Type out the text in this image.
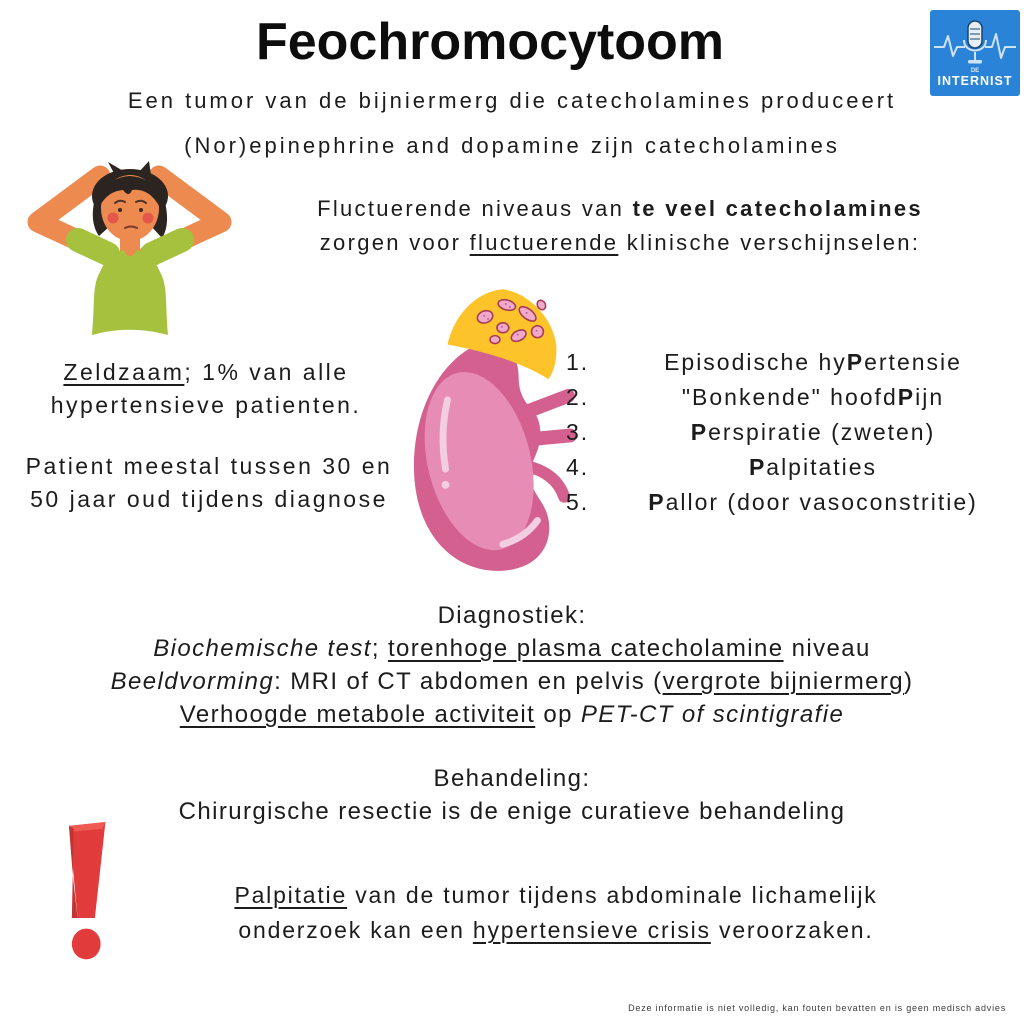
Feochromocytoom	DE
INTERNIST
Een tumor van de bijniermerg die catecholamines produceert
(Nor)epinephrine and dopamine zijn catecholamines
Fluctuerende niveaus van te veel catecholamines
zorgen voor fluctuerende klinische verschijnselen:
Zeldzaam; 1% van alle
hypertensieve patienten.
Patient meestal tussen 30 en
50 jaar oud tijdens diagnose
1.	Episodische hyPertensie
2.	"Bonkende" hoofdPijn
3.	Perspiratie (zweten)
4.	Palpitaties
5.	Pallor (door vasoconstritie)
Diagnostiek:
Biochemische test; torenhoge plasma catecholamine niveau
Beeldvorming: MRI of CT abdomen en pelvis (vergrote bijniermerg)
Verhoogde metabole activiteit op PET-CT of scintigrafie
Behandeling:
Chirurgische resectie is de enige curatieve behandeling
Palpitatie van de tumor tijdens abdominale lichamelijk
onderzoek kan een hypertensieve crisis veroorzaken.
Deze informatie is niet volledig, kan fouten bevatten en is geen medisch advies
